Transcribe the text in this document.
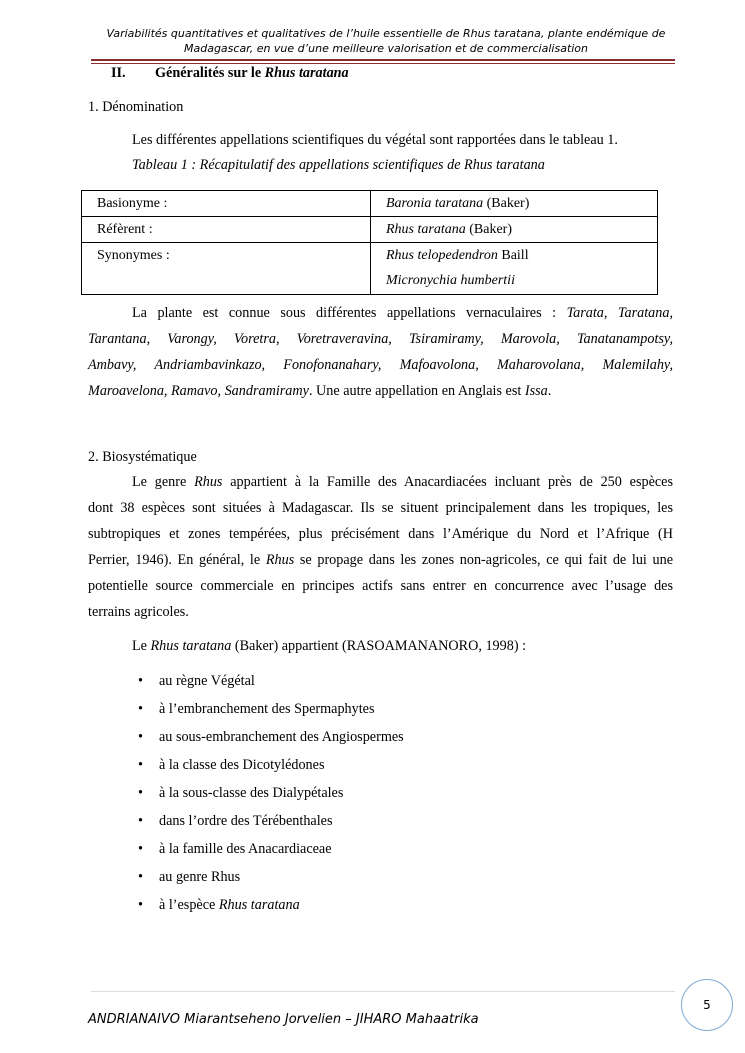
Variabilités quantitatives et qualitatives de l’huile essentielle de Rhus taratana, plante endémique de
Madagascar, en vue d’une meilleure valorisation et de commercialisation
II. Généralités sur le Rhus taratana
1. Dénomination
Les différentes appellations scientifiques du végétal sont rapportées dans le tableau 1.
Tableau 1 : Récapitulatif des appellations scientifiques de Rhus taratana
Basionyme :	Baronia taratana (Baker)
Réfèrent :	Rhus taratana (Baker)

Synonymes :	Rhus telopedendron Baill
Micronychia humbertii
La plante est connue sous différentes appellations vernaculaires : Tarata, Taratana,
Tarantana, Varongy, Voretra, Voretraveravina, Tsiramiramy, Marovola, Tanatanampotsy,
Ambavy, Andriambavinkazo, Fonofonanahary, Mafoavolona, Maharovolana, Malemilahy,
Maroavelona, Ramavo, Sandramiramy. Une autre appellation en Anglais est Issa.
2. Biosystématique
Le genre Rhus appartient à la Famille des Anacardiacées incluant près de 250 espèces
dont 38 espèces sont situées à Madagascar. Ils se situent principalement dans les tropiques, les
subtropiques et zones tempérées, plus précisément dans l’Amérique du Nord et l’Afrique (H
Perrier, 1946). En général, le Rhus se propage dans les zones non-agricoles, ce qui fait de lui une
potentielle source commerciale en principes actifs sans entrer en concurrence avec l’usage des
terrains agricoles.
Le Rhus taratana (Baker) appartient (RASOAMANANORO, 1998) :
• au règne Végétal
• à l’embranchement des Spermaphytes
• au sous-embranchement des Angiospermes
• à la classe des Dicotylédones
• à la sous-classe des Dialypétales
• dans l’ordre des Térébenthales
• à la famille des Anacardiaceae
• au genre Rhus
• à l’espèce Rhus taratana
ANDRIANAIVO Miarantseheno Jorvelien – JIHARO Mahaatrika
5
